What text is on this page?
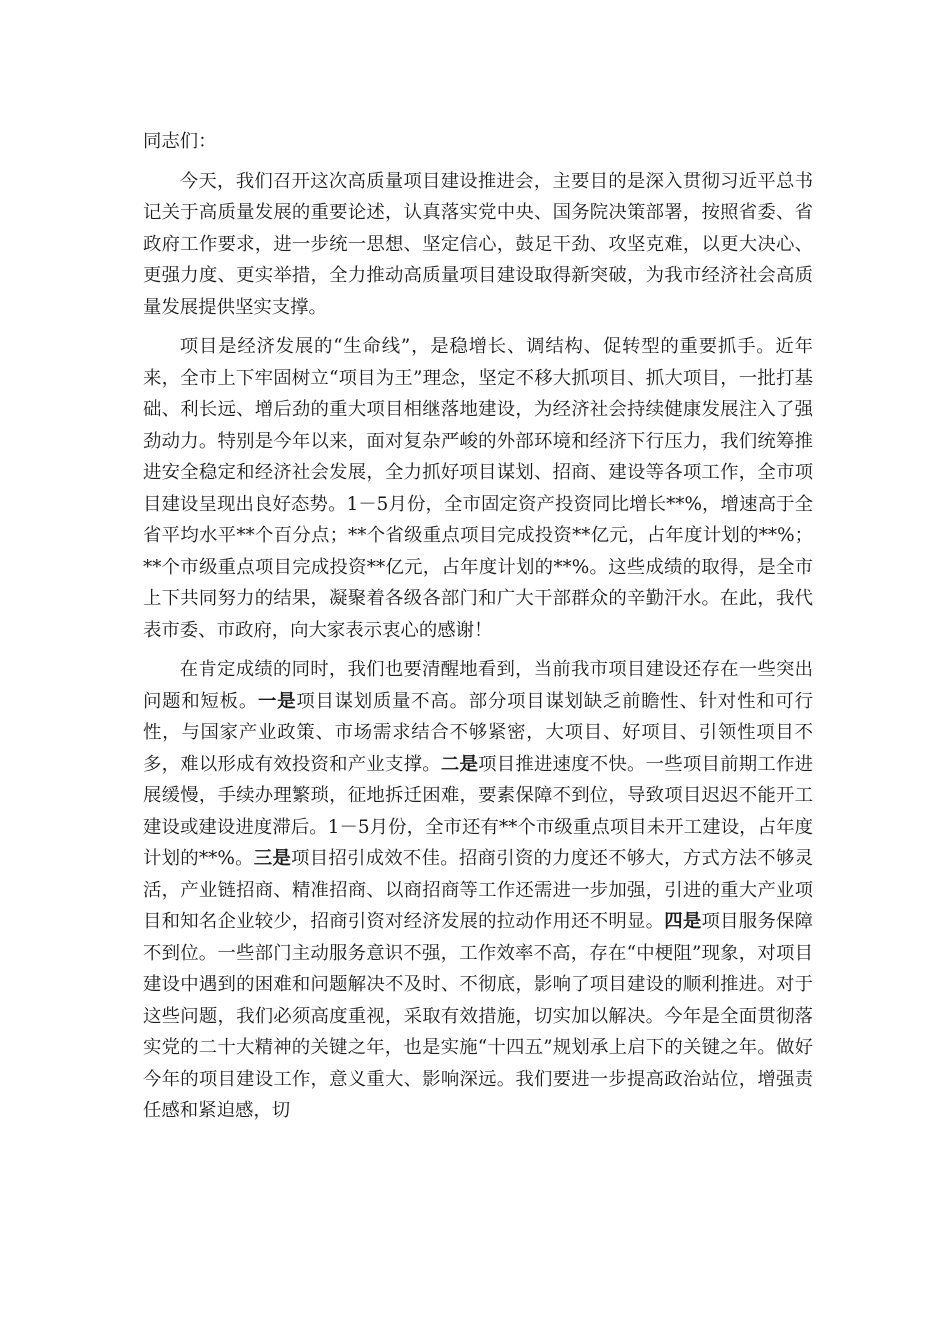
同志们：

今天，我们召开这次高质量项目建设推进会，主要目的是深入贯彻习近平总书记关于高质量发展的重要论述，认真落实党中央、国务院决策部署，按照省委、省政府工作要求，进一步统一思想、坚定信心，鼓足干劲、攻坚克难，以更大决心、更强力度、更实举措，全力推动高质量项目建设取得新突破，为我市经济社会高质量发展提供坚实支撑。

项目是经济发展的“生命线”，是稳增长、调结构、促转型的重要抓手。近年来，全市上下牢固树立“项目为王”理念，坚定不移大抓项目、抓大项目，一批打基础、利长远、增后劲的重大项目相继落地建设，为经济社会持续健康发展注入了强劲动力。特别是今年以来，面对复杂严峻的外部环境和经济下行压力，我们统筹推进安全稳定和经济社会发展，全力抓好项目谋划、招商、建设等各项工作，全市项目建设呈现出良好态势。1－5月份，全市固定资产投资同比增长**%，增速高于全省平均水平**个百分点；**个省级重点项目完成投资**亿元，占年度计划的**%；**个市级重点项目完成投资**亿元，占年度计划的**%。这些成绩的取得，是全市上下共同努力的结果，凝聚着各级各部门和广大干部群众的辛勤汗水。在此，我代表市委、市政府，向大家表示衷心的感谢！

在肯定成绩的同时，我们也要清醒地看到，当前我市项目建设还存在一些突出问题和短板。一是项目谋划质量不高。部分项目谋划缺乏前瞻性、针对性和可行性，与国家产业政策、市场需求结合不够紧密，大项目、好项目、引领性项目不多，难以形成有效投资和产业支撑。二是项目推进速度不快。一些项目前期工作进展缓慢，手续办理繁琐，征地拆迁困难，要素保障不到位，导致项目迟迟不能开工建设或建设进度滞后。1－5月份，全市还有**个市级重点项目未开工建设，占年度计划的**%。三是项目招引成效不佳。招商引资的力度还不够大，方式方法不够灵活，产业链招商、精准招商、以商招商等工作还需进一步加强，引进的重大产业项目和知名企业较少，招商引资对经济发展的拉动作用还不明显。四是项目服务保障不到位。一些部门主动服务意识不强，工作效率不高，存在“中梗阻”现象，对项目建设中遇到的困难和问题解决不及时、不彻底，影响了项目建设的顺利推进。对于这些问题，我们必须高度重视，采取有效措施，切实加以解决。今年是全面贯彻落实党的二十大精神的关键之年，也是实施“十四五”规划承上启下的关键之年。做好今年的项目建设工作，意义重大、影响深远。我们要进一步提高政治站位，增强责任感和紧迫感，切
